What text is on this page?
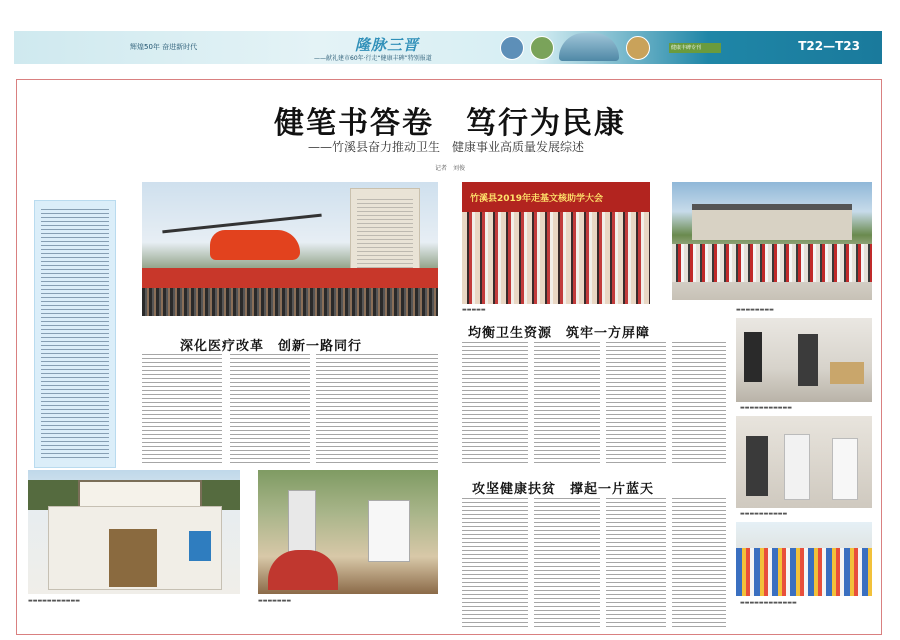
辉煌50年 奋进新时代	隆脉三晋
——献礼建市60年·行走“健康丰碑”特别报道
健康丰碑专刊	T22—T23
健笔书答卷　笃行为民康
——竹溪县奋力推动卫生　健康事业高质量发展综述
记者　刘俊
竹溪县2019年走基文核助学大会
▬▬▬▬▬	▬▬▬▬▬▬▬▬
深化医疗改革　创新一路同行
均衡卫生资源　筑牢一方屏障
攻坚健康扶贫　撑起一片蓝天
▬▬▬▬▬▬▬▬▬▬▬
▬▬▬▬▬▬▬▬▬▬
▬▬▬▬▬▬▬▬▬▬▬▬
▬▬▬▬▬▬▬▬▬▬▬	▬▬▬▬▬▬▬
